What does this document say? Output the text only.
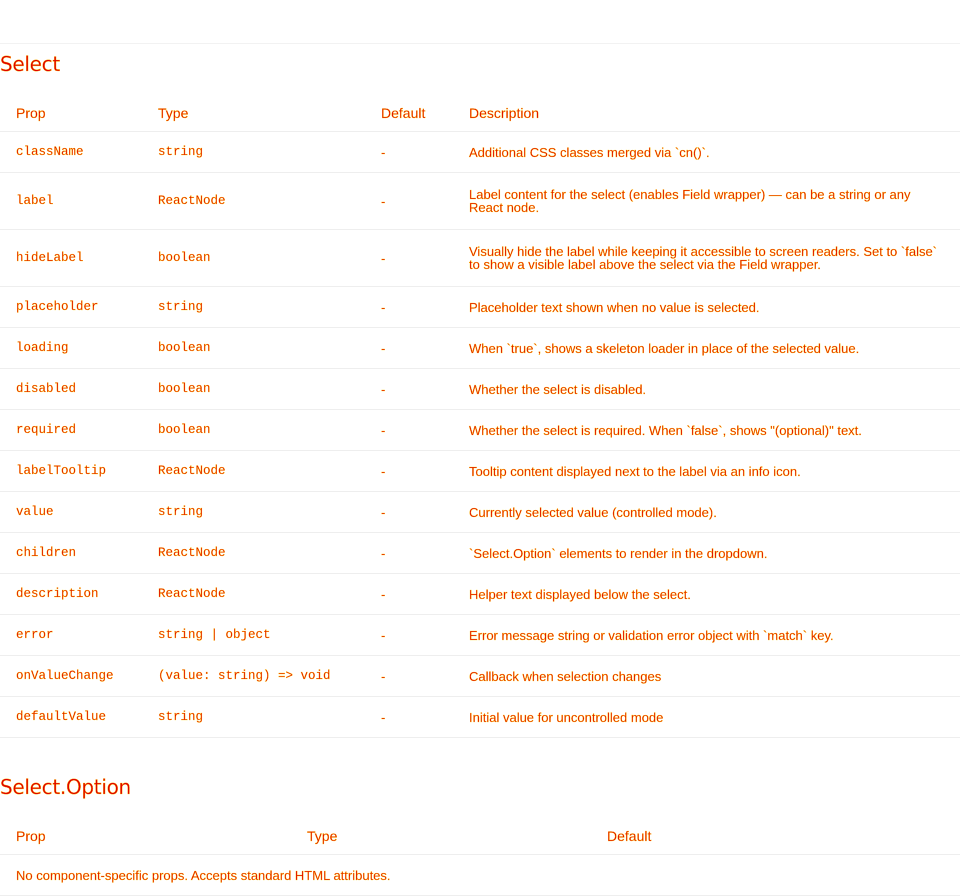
Select
Prop	Type	Default	Description
className	string	-	Additional CSS classes merged via `cn()`.
label	ReactNode	-	Label content for the select (enables Field wrapper) — can be a string or any React node.
hideLabel	boolean	-	Visually hide the label while keeping it accessible to screen readers. Set to `false` to show a visible label above the select via the Field wrapper.
placeholder	string	-	Placeholder text shown when no value is selected.
loading	boolean	-	When `true`, shows a skeleton loader in place of the selected value.
disabled	boolean	-	Whether the select is disabled.
required	boolean	-	Whether the select is required. When `false`, shows "(optional)" text.
labelTooltip	ReactNode	-	Tooltip content displayed next to the label via an info icon.
value	string	-	Currently selected value (controlled mode).
children	ReactNode	-	`Select.Option` elements to render in the dropdown.
description	ReactNode	-	Helper text displayed below the select.
error	string | object	-	Error message string or validation error object with `match` key.
onValueChange	(value: string) => void	-	Callback when selection changes
defaultValue	string	-	Initial value for uncontrolled mode
Select.Option
Prop	Type	Default
No component-specific props. Accepts standard HTML attributes.
